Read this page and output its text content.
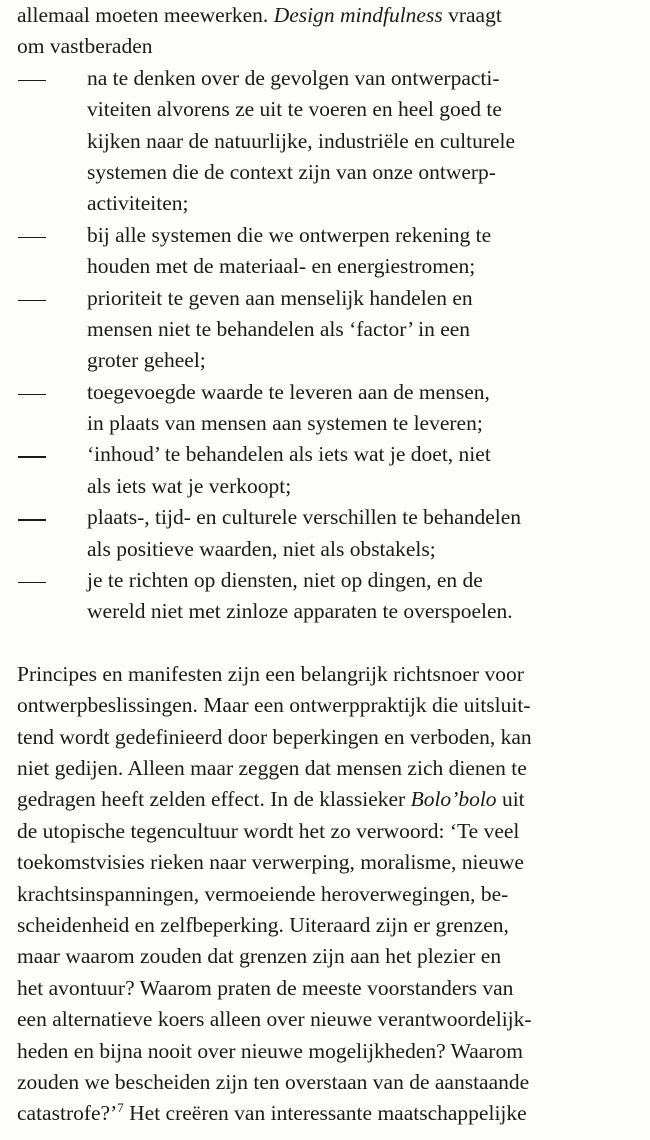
allemaal moeten meewerken. Design mindfulness vraagt
om vastberaden
na te denken over de gevolgen van ontwerpacti-
viteiten alvorens ze uit te voeren en heel goed te
kijken naar de natuurlijke, industriële en culturele
systemen die de context zijn van onze ontwerp-
activiteiten;
bij alle systemen die we ontwerpen rekening te
houden met de materiaal- en energiestromen;
prioriteit te geven aan menselijk handelen en
mensen niet te behandelen als ‘factor’ in een
groter geheel;
toegevoegde waarde te leveren aan de mensen,
in plaats van mensen aan systemen te leveren;
‘inhoud’ te behandelen als iets wat je doet, niet
als iets wat je verkoopt;
plaats-, tijd- en culturele verschillen te behandelen
als positieve waarden, niet als obstakels;
je te richten op diensten, niet op dingen, en de
wereld niet met zinloze apparaten te overspoelen.
Principes en manifesten zijn een belangrijk richtsnoer voor
ontwerpbeslissingen. Maar een ontwerppraktijk die uitsluit-
tend wordt gedefinieerd door beperkingen en verboden, kan
niet gedijen. Alleen maar zeggen dat mensen zich dienen te
gedragen heeft zelden effect. In de klassieker Bolo’bolo uit
de utopische tegencultuur wordt het zo verwoord: ‘Te veel
toekomstvisies rieken naar verwerping, moralisme, nieuwe
krachtsinspanningen, vermoeiende heroverwegingen, be-
scheidenheid en zelfbeperking. Uiteraard zijn er grenzen,
maar waarom zouden dat grenzen zijn aan het plezier en
het avontuur? Waarom praten de meeste voorstanders van
een alternatieve koers alleen over nieuwe verantwoordelijk-
heden en bijna nooit over nieuwe mogelijkheden? Waarom
zouden we bescheiden zijn ten overstaan van de aanstaande
catastrofe?’$^7$ Het creëren van interessante maatschappelijke
